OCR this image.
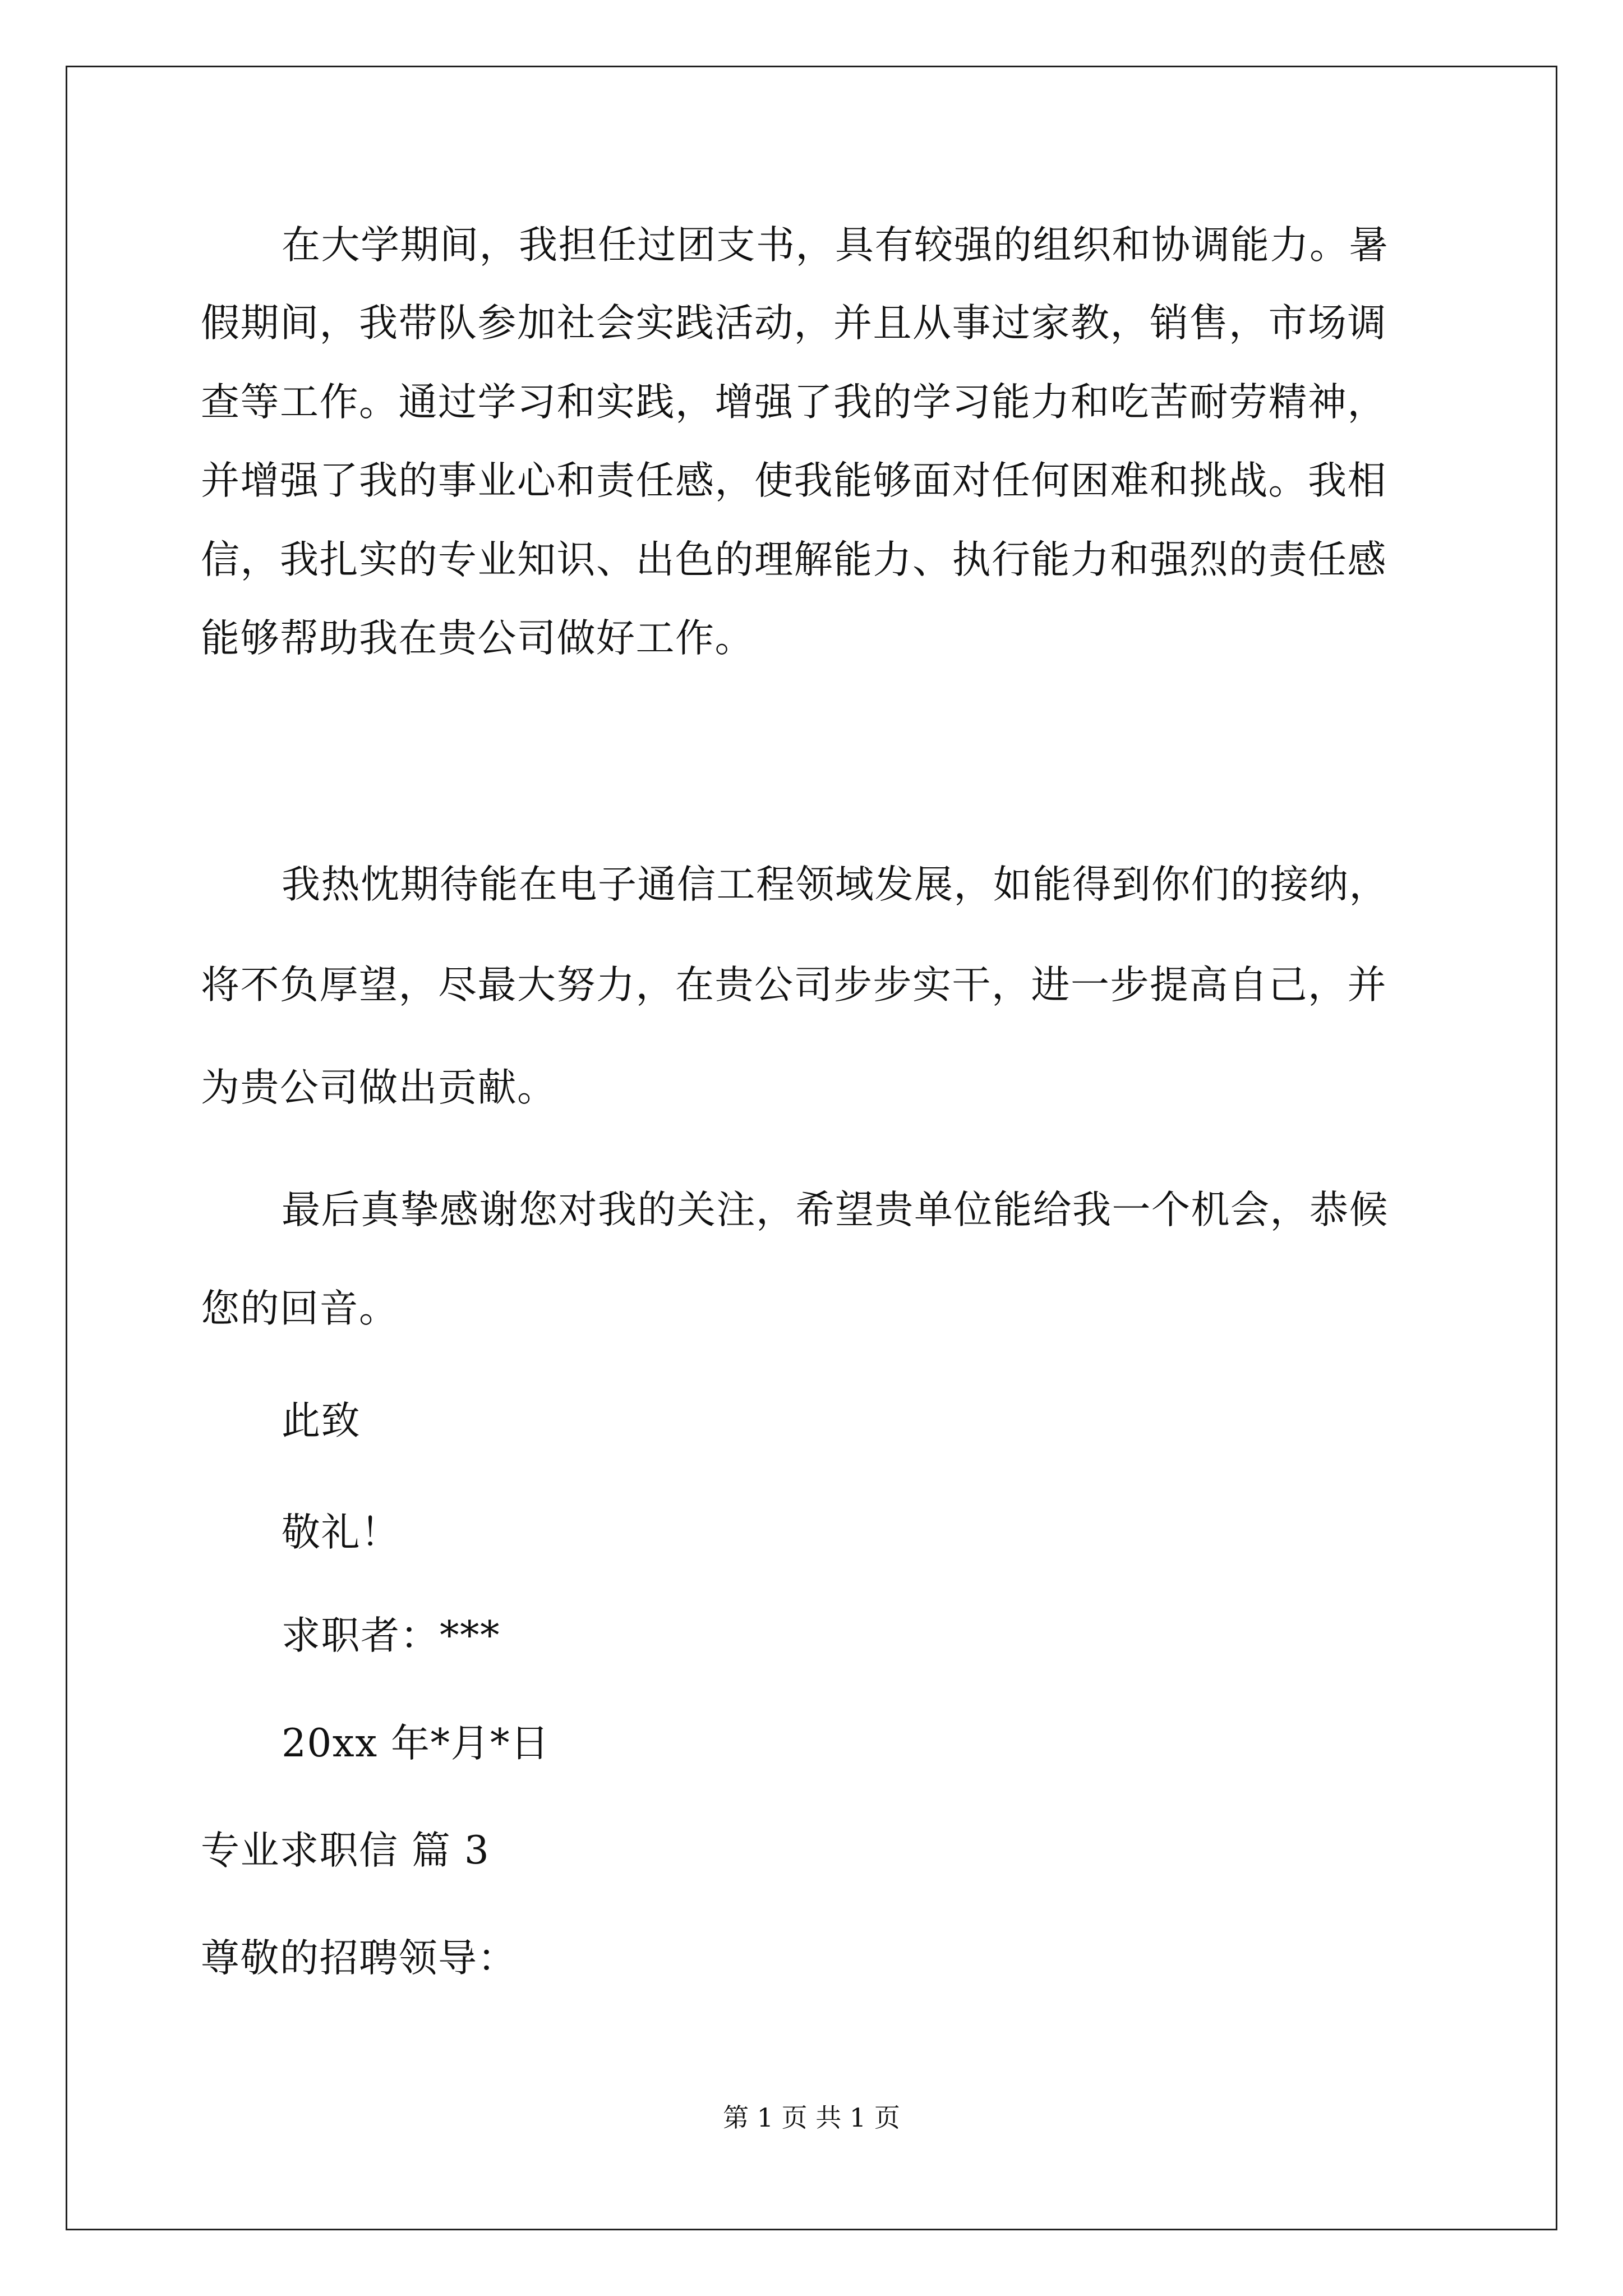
在大学期间，我担任过团支书，具有较强的组织和协调能力。暑
假期间，我带队参加社会实践活动，并且从事过家教，销售，市场调
查等工作。通过学习和实践，增强了我的学习能力和吃苦耐劳精神，
并增强了我的事业心和责任感，使我能够面对任何困难和挑战。我相
信，我扎实的专业知识、出色的理解能力、执行能力和强烈的责任感
能够帮助我在贵公司做好工作。
我热忱期待能在电子通信工程领域发展，如能得到你们的接纳，
将不负厚望，尽最大努力，在贵公司步步实干，进一步提高自己，并
为贵公司做出贡献。
最后真挚感谢您对我的关注，希望贵单位能给我一个机会，恭候
您的回音。
此致
敬礼！
求职者：***
20xx 年*月*日
专业求职信 篇 3
尊敬的招聘领导：
第 1 页 共 1 页
